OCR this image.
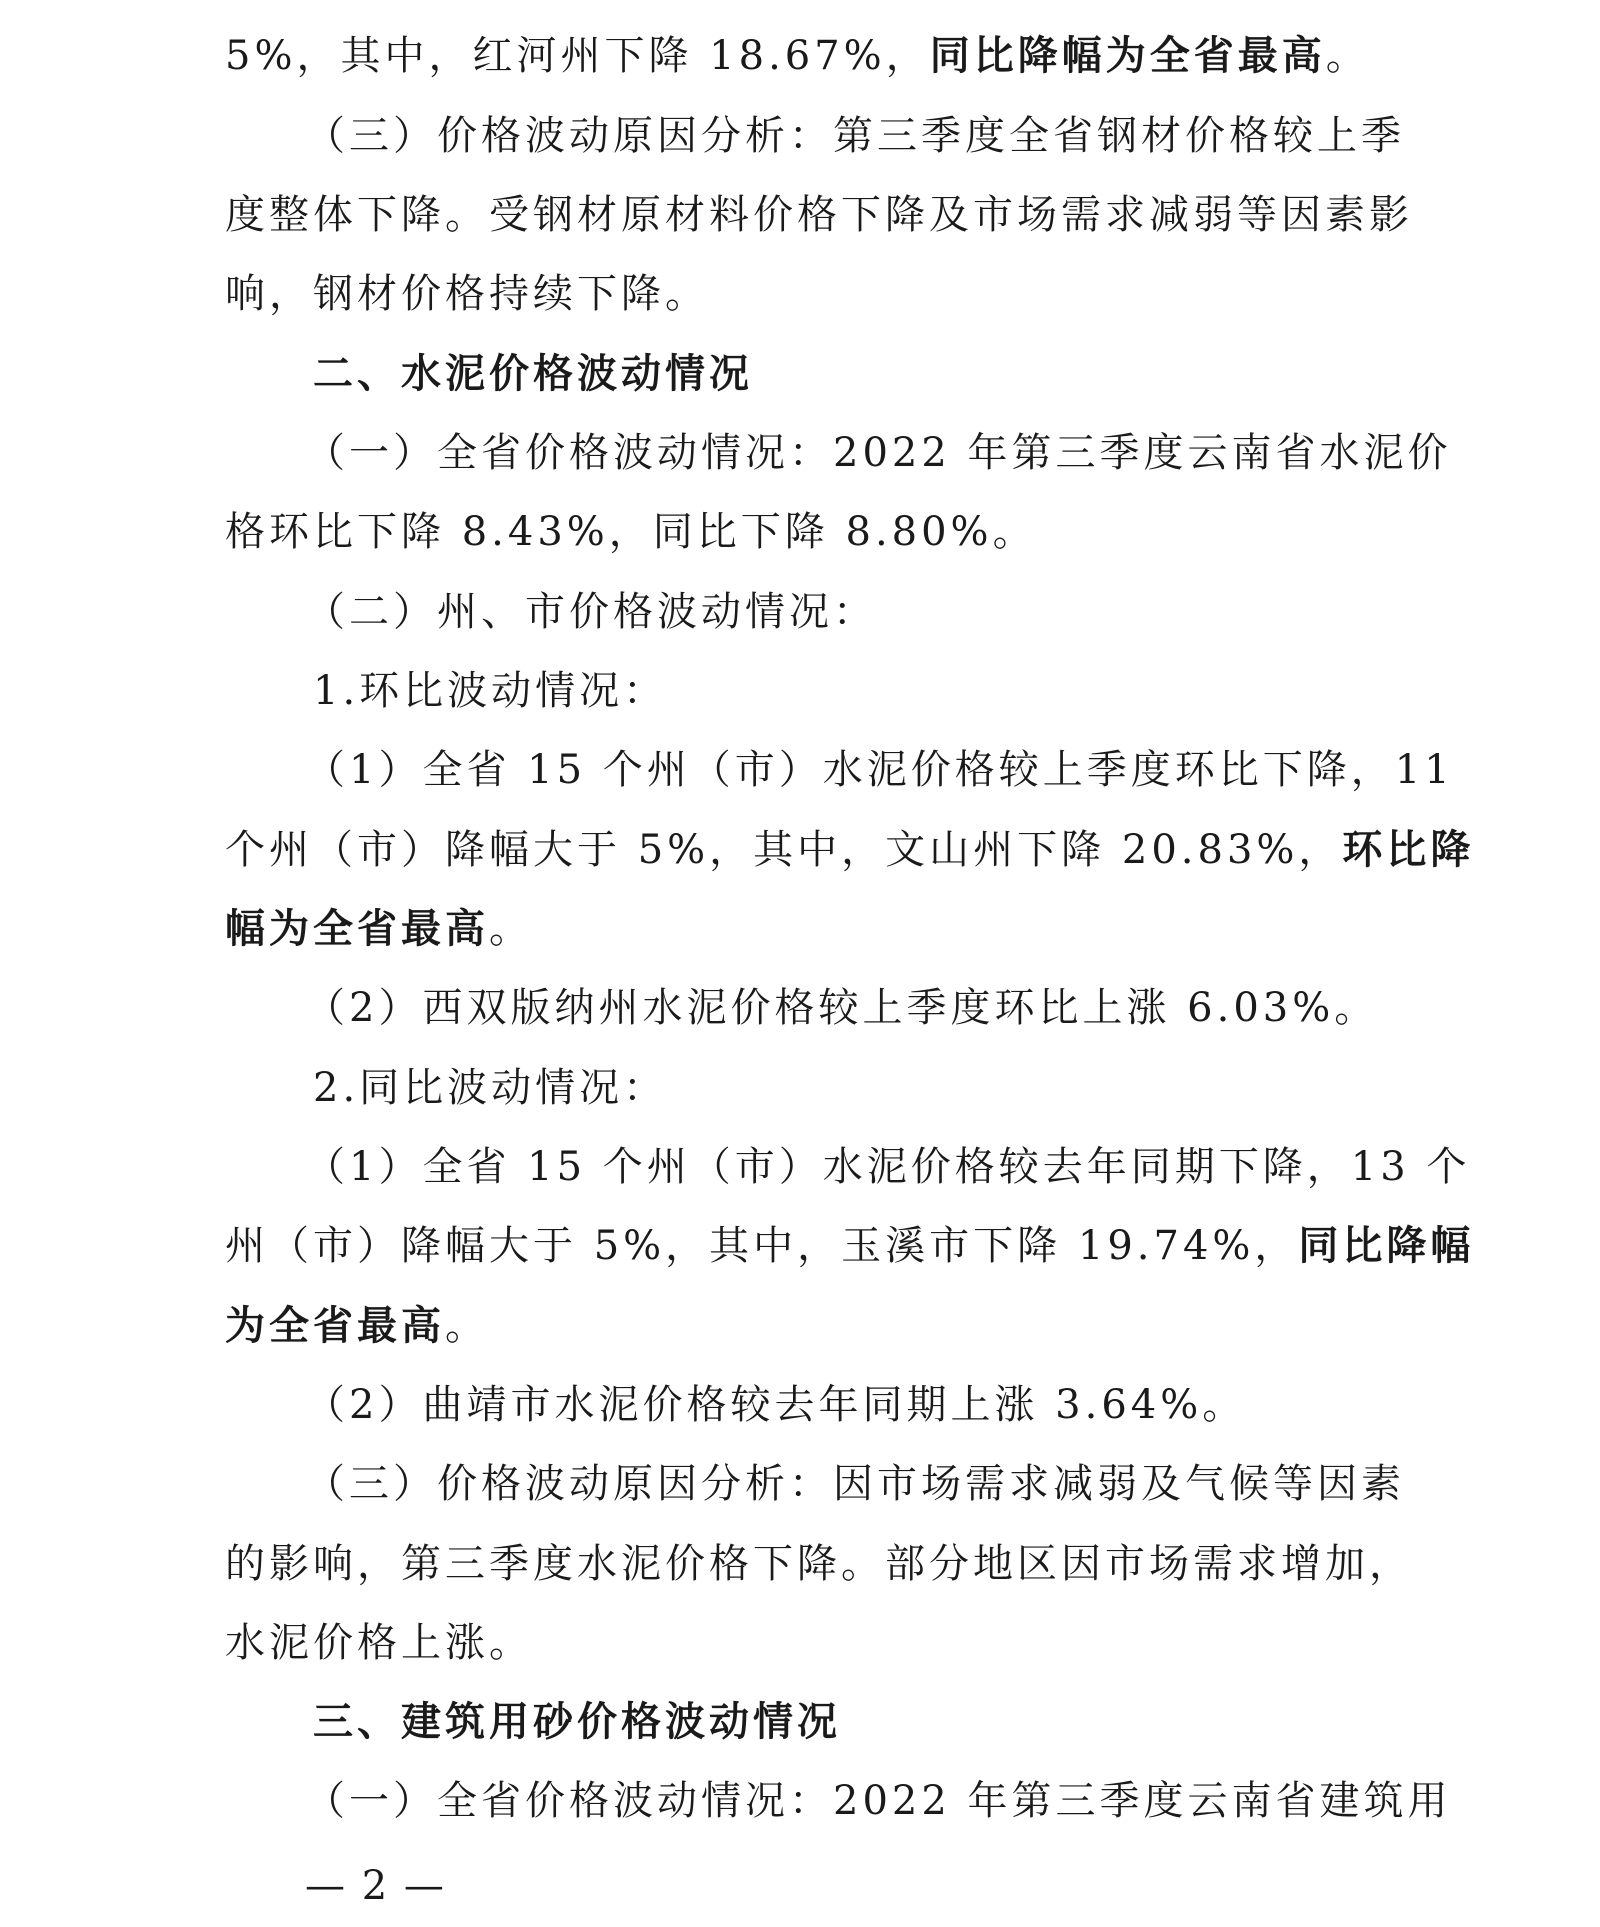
5%，其中，红河州下降 18.67%，同比降幅为全省最高。
（三）价格波动原因分析：第三季度全省钢材价格较上季
度整体下降。受钢材原材料价格下降及市场需求减弱等因素影
响，钢材价格持续下降。
二、水泥价格波动情况
（一）全省价格波动情况：2022 年第三季度云南省水泥价
格环比下降 8.43%，同比下降 8.80%。
（二）州、市价格波动情况：
1.环比波动情况：
（1）全省 15 个州（市）水泥价格较上季度环比下降，11
个州（市）降幅大于 5%，其中，文山州下降 20.83%，环比降
幅为全省最高。
（2）西双版纳州水泥价格较上季度环比上涨 6.03%。
2.同比波动情况：
（1）全省 15 个州（市）水泥价格较去年同期下降，13 个
州（市）降幅大于 5%，其中，玉溪市下降 19.74%，同比降幅
为全省最高。
（2）曲靖市水泥价格较去年同期上涨 3.64%。
（三）价格波动原因分析：因市场需求减弱及气候等因素
的影响，第三季度水泥价格下降。部分地区因市场需求增加，
水泥价格上涨。
三、建筑用砂价格波动情况
（一）全省价格波动情况：2022 年第三季度云南省建筑用
— 2 —
